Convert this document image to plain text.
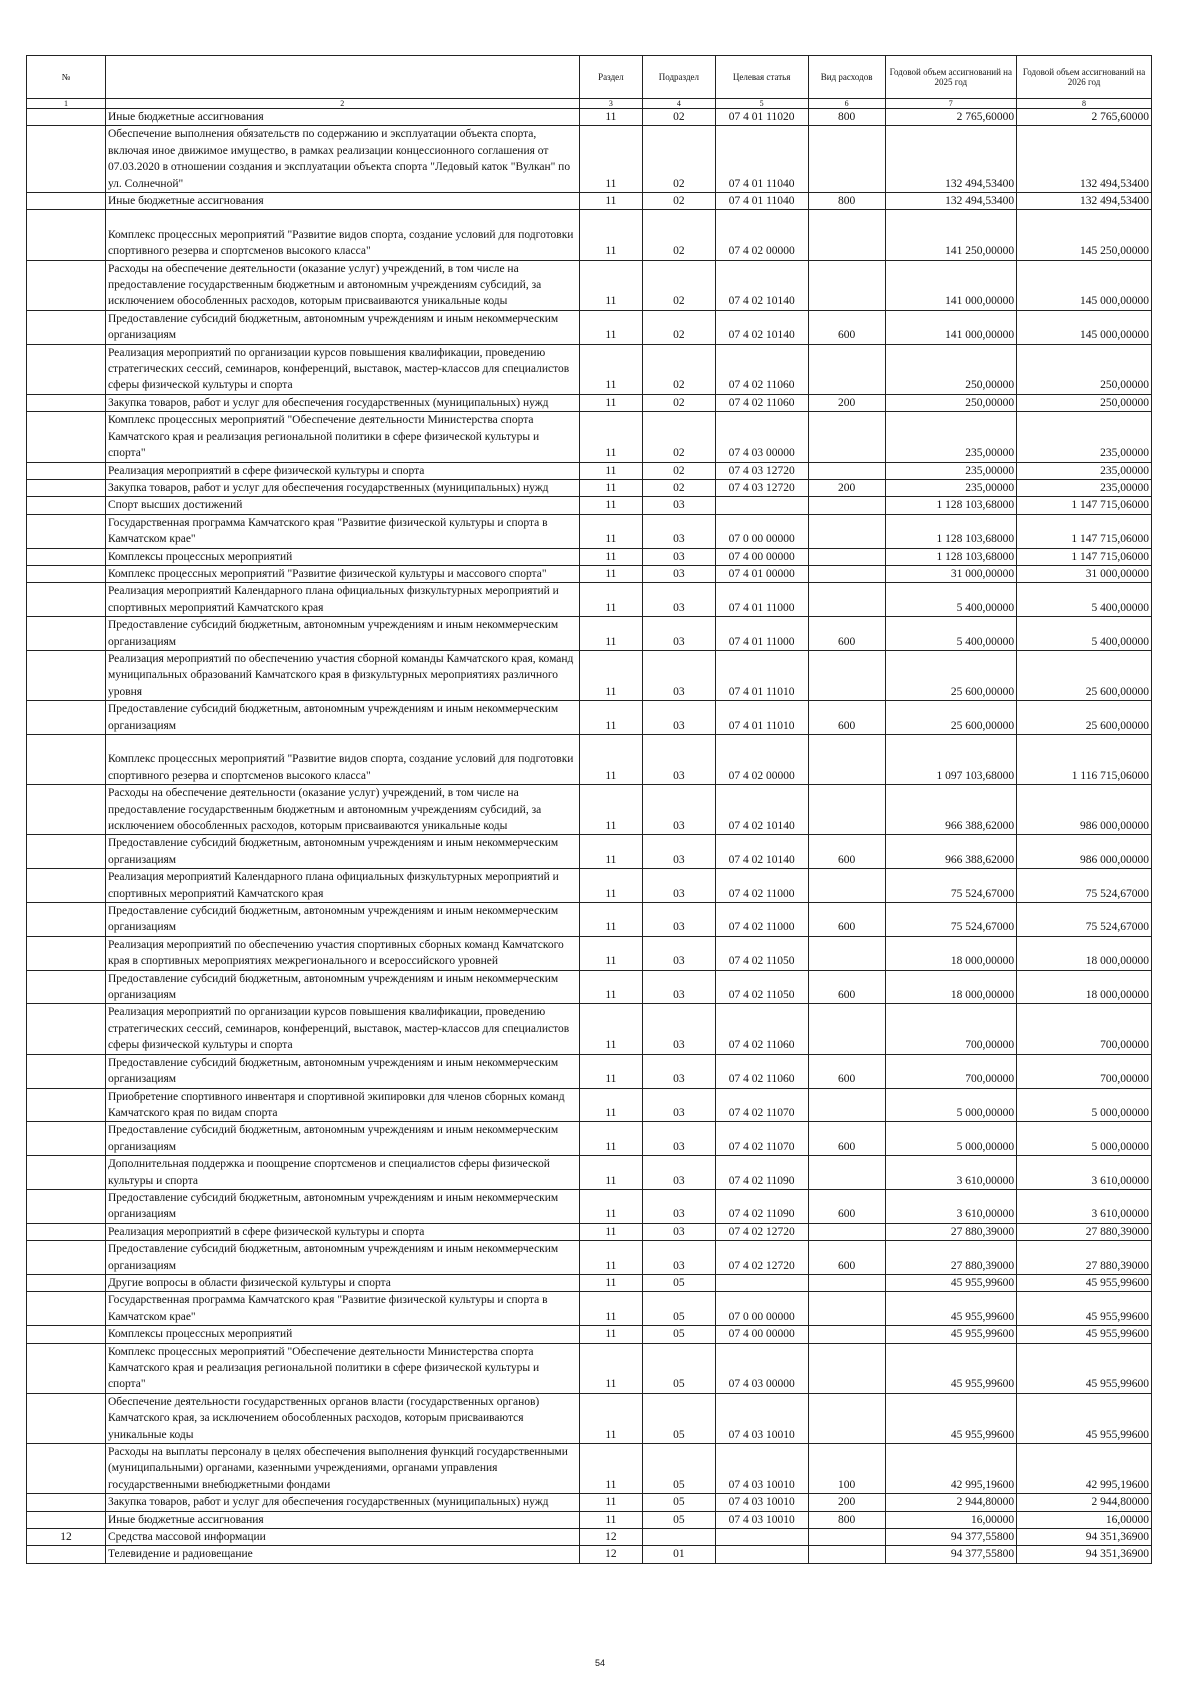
№		Раздел	Подраздел	Целевая статья	Вид расходов	Годовой объем ассигнований на 2025 год	Годовой объем ассигнований на 2026 год
1	2	3	4	5	6	7	8
	Иные бюджетные ассигнования	11	02	07 4 01 11020	800	2 765,60000	2 765,60000
	Обеспечение выполнения обязательств по содержанию и эксплуатации объекта спорта, включая иное движимое имущество, в рамках реализации концессионного соглашения от 07.03.2020 в отношении создания и эксплуатации объекта спорта "Ледовый каток "Вулкан" по ул. Солнечной"	11	02	07 4 01 11040		132 494,53400	132 494,53400
	Иные бюджетные ассигнования	11	02	07 4 01 11040	800	132 494,53400	132 494,53400
	Комплекс процессных мероприятий "Развитие видов спорта, создание условий для подготовки спортивного резерва и спортсменов высокого класса"	11	02	07 4 02 00000		141 250,00000	145 250,00000
	Расходы на обеспечение деятельности (оказание услуг) учреждений, в том числе на предоставление государственным бюджетным и автономным учреждениям субсидий, за исключением обособленных расходов, которым присваиваются уникальные коды	11	02	07 4 02 10140		141 000,00000	145 000,00000
	Предоставление субсидий бюджетным, автономным учреждениям и иным некоммерческим организациям	11	02	07 4 02 10140	600	141 000,00000	145 000,00000
	Реализация мероприятий по организации курсов повышения квалификации, проведению стратегических сессий, семинаров, конференций, выставок, мастер-классов для специалистов сферы физической культуры и спорта	11	02	07 4 02 11060		250,00000	250,00000
	Закупка товаров, работ и услуг для обеспечения государственных (муниципальных) нужд	11	02	07 4 02 11060	200	250,00000	250,00000
	Комплекс процессных мероприятий "Обеспечение деятельности Министерства спорта Камчатского края и реализация региональной политики в сфере физической культуры и спорта"	11	02	07 4 03 00000		235,00000	235,00000
	Реализация мероприятий в сфере физической культуры и спорта	11	02	07 4 03 12720		235,00000	235,00000
	Закупка товаров, работ и услуг для обеспечения государственных (муниципальных) нужд	11	02	07 4 03 12720	200	235,00000	235,00000
	Спорт высших достижений	11	03			1 128 103,68000	1 147 715,06000
	Государственная программа Камчатского края "Развитие физической культуры и спорта в Камчатском крае"	11	03	07 0 00 00000		1 128 103,68000	1 147 715,06000
	Комплексы процессных мероприятий	11	03	07 4 00 00000		1 128 103,68000	1 147 715,06000
	Комплекс процессных мероприятий "Развитие физической культуры и массового спорта"	11	03	07 4 01 00000		31 000,00000	31 000,00000
	Реализация мероприятий Календарного плана официальных физкультурных мероприятий и спортивных мероприятий Камчатского края	11	03	07 4 01 11000		5 400,00000	5 400,00000
	Предоставление субсидий бюджетным, автономным учреждениям и иным некоммерческим организациям	11	03	07 4 01 11000	600	5 400,00000	5 400,00000
	Реализация мероприятий по обеспечению участия сборной команды Камчатского края, команд муниципальных образований Камчатского края в физкультурных мероприятиях различного уровня	11	03	07 4 01 11010		25 600,00000	25 600,00000
	Предоставление субсидий бюджетным, автономным учреждениям и иным некоммерческим организациям	11	03	07 4 01 11010	600	25 600,00000	25 600,00000
	Комплекс процессных мероприятий "Развитие видов спорта, создание условий для подготовки спортивного резерва и спортсменов высокого класса"	11	03	07 4 02 00000		1 097 103,68000	1 116 715,06000
	Расходы на обеспечение деятельности (оказание услуг) учреждений, в том числе на предоставление государственным бюджетным и автономным учреждениям субсидий, за исключением обособленных расходов, которым присваиваются уникальные коды	11	03	07 4 02 10140		966 388,62000	986 000,00000
	Предоставление субсидий бюджетным, автономным учреждениям и иным некоммерческим организациям	11	03	07 4 02 10140	600	966 388,62000	986 000,00000
	Реализация мероприятий Календарного плана официальных физкультурных мероприятий и спортивных мероприятий Камчатского края	11	03	07 4 02 11000		75 524,67000	75 524,67000
	Предоставление субсидий бюджетным, автономным учреждениям и иным некоммерческим организациям	11	03	07 4 02 11000	600	75 524,67000	75 524,67000
	Реализация мероприятий по обеспечению участия спортивных сборных команд Камчатского края в спортивных мероприятиях межрегионального и всероссийского уровней	11	03	07 4 02 11050		18 000,00000	18 000,00000
	Предоставление субсидий бюджетным, автономным учреждениям и иным некоммерческим организациям	11	03	07 4 02 11050	600	18 000,00000	18 000,00000
	Реализация мероприятий по организации курсов повышения квалификации, проведению стратегических сессий, семинаров, конференций, выставок, мастер-классов для специалистов сферы физической культуры и спорта	11	03	07 4 02 11060		700,00000	700,00000
	Предоставление субсидий бюджетным, автономным учреждениям и иным некоммерческим организациям	11	03	07 4 02 11060	600	700,00000	700,00000
	Приобретение спортивного инвентаря и спортивной экипировки для членов сборных команд Камчатского края по видам спорта	11	03	07 4 02 11070		5 000,00000	5 000,00000
	Предоставление субсидий бюджетным, автономным учреждениям и иным некоммерческим организациям	11	03	07 4 02 11070	600	5 000,00000	5 000,00000
	Дополнительная поддержка и поощрение спортсменов и специалистов сферы физической культуры и спорта	11	03	07 4 02 11090		3 610,00000	3 610,00000
	Предоставление субсидий бюджетным, автономным учреждениям и иным некоммерческим организациям	11	03	07 4 02 11090	600	3 610,00000	3 610,00000
	Реализация мероприятий в сфере физической культуры и спорта	11	03	07 4 02 12720		27 880,39000	27 880,39000
	Предоставление субсидий бюджетным, автономным учреждениям и иным некоммерческим организациям	11	03	07 4 02 12720	600	27 880,39000	27 880,39000
	Другие вопросы в области физической культуры и спорта	11	05			45 955,99600	45 955,99600
	Государственная программа Камчатского края "Развитие физической культуры и спорта в Камчатском крае"	11	05	07 0 00 00000		45 955,99600	45 955,99600
	Комплексы процессных мероприятий	11	05	07 4 00 00000		45 955,99600	45 955,99600
	Комплекс процессных мероприятий "Обеспечение деятельности Министерства спорта Камчатского края и реализация региональной политики в сфере физической культуры и спорта"	11	05	07 4 03 00000		45 955,99600	45 955,99600
	Обеспечение деятельности государственных органов власти (государственных органов) Камчатского края, за исключением обособленных расходов, которым присваиваются уникальные коды	11	05	07 4 03 10010		45 955,99600	45 955,99600
	Расходы на выплаты персоналу в целях обеспечения выполнения функций государственными (муниципальными) органами, казенными учреждениями, органами управления государственными внебюджетными фондами	11	05	07 4 03 10010	100	42 995,19600	42 995,19600
	Закупка товаров, работ и услуг для обеспечения государственных (муниципальных) нужд	11	05	07 4 03 10010	200	2 944,80000	2 944,80000
	Иные бюджетные ассигнования	11	05	07 4 03 10010	800	16,00000	16,00000
12	Средства массовой информации	12				94 377,55800	94 351,36900
	Телевидение и радиовещание	12	01			94 377,55800	94 351,36900
54
